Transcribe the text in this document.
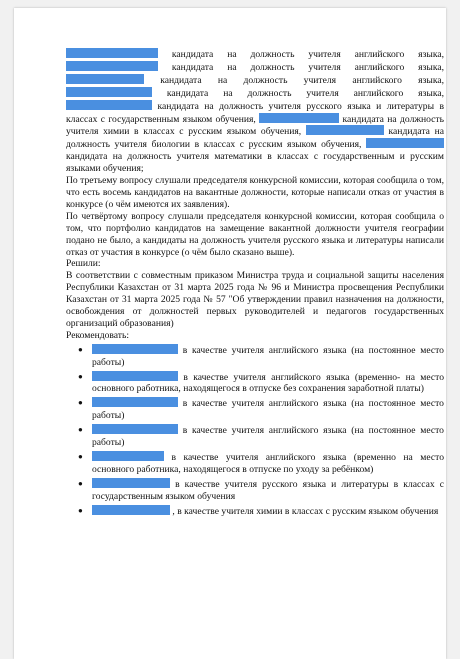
кандидата на должность учителя английского языка,  кандидата на должность учителя английского языка,  кандидата на должность учителя английского языка,  кандидата на должность учителя английского языка,  кандидата на должность учителя русского языка и литературы в классах с государственным языком обучения,	кандидата на должность учителя химии в классах с русским языком обучения,	кандидата на должность учителя биологии в классах с русским языком обучения,  кандидата на должность учителя математики в классах с государственным и русским языками обучения;

По третьему вопросу слушали председателя конкурсной комиссии, которая сообщила о том, что есть восемь кандидатов на вакантные должности, которые написали отказ от участия в конкурсе (о чём имеются их заявления).

По четвёртому вопросу слушали председателя конкурсной комиссии, которая сообщила о том, что портфолио кандидатов на замещение вакантной должности учителя географии подано не было, а кандидаты на должность учителя русского языка и литературы написали отказ от участия в конкурсе (о чём было сказано выше).

Решили:

В соответствии с совместным приказом Министра труда и социальной защиты населения Республики Казахстан от 31 марта 2025 года № 96 и Министра просвещения Республики Казахстан от 31 марта 2025 года № 57 "Об утверждении правил назначения на должности, освобождения от должностей первых руководителей и педагогов государственных организаций образования)

Рекомендовать:

●	в качестве учителя английского языка (на постоянное место работы)
●	в качестве учителя английского языка (временно- на место основного работника, находящегося в отпуске без сохранения заработной платы)
●	в качестве учителя английского языка (на постоянное место работы)
●	в качестве учителя английского языка (на постоянное место работы)
●	в качестве учителя английского языка (временно на место основного работника, находящегося в отпуске по уходу за ребёнком)
●	в качестве учителя русского языка и литературы в классах с государственным языком обучения
●	, в качестве учителя химии в классах с русским языком обучения
